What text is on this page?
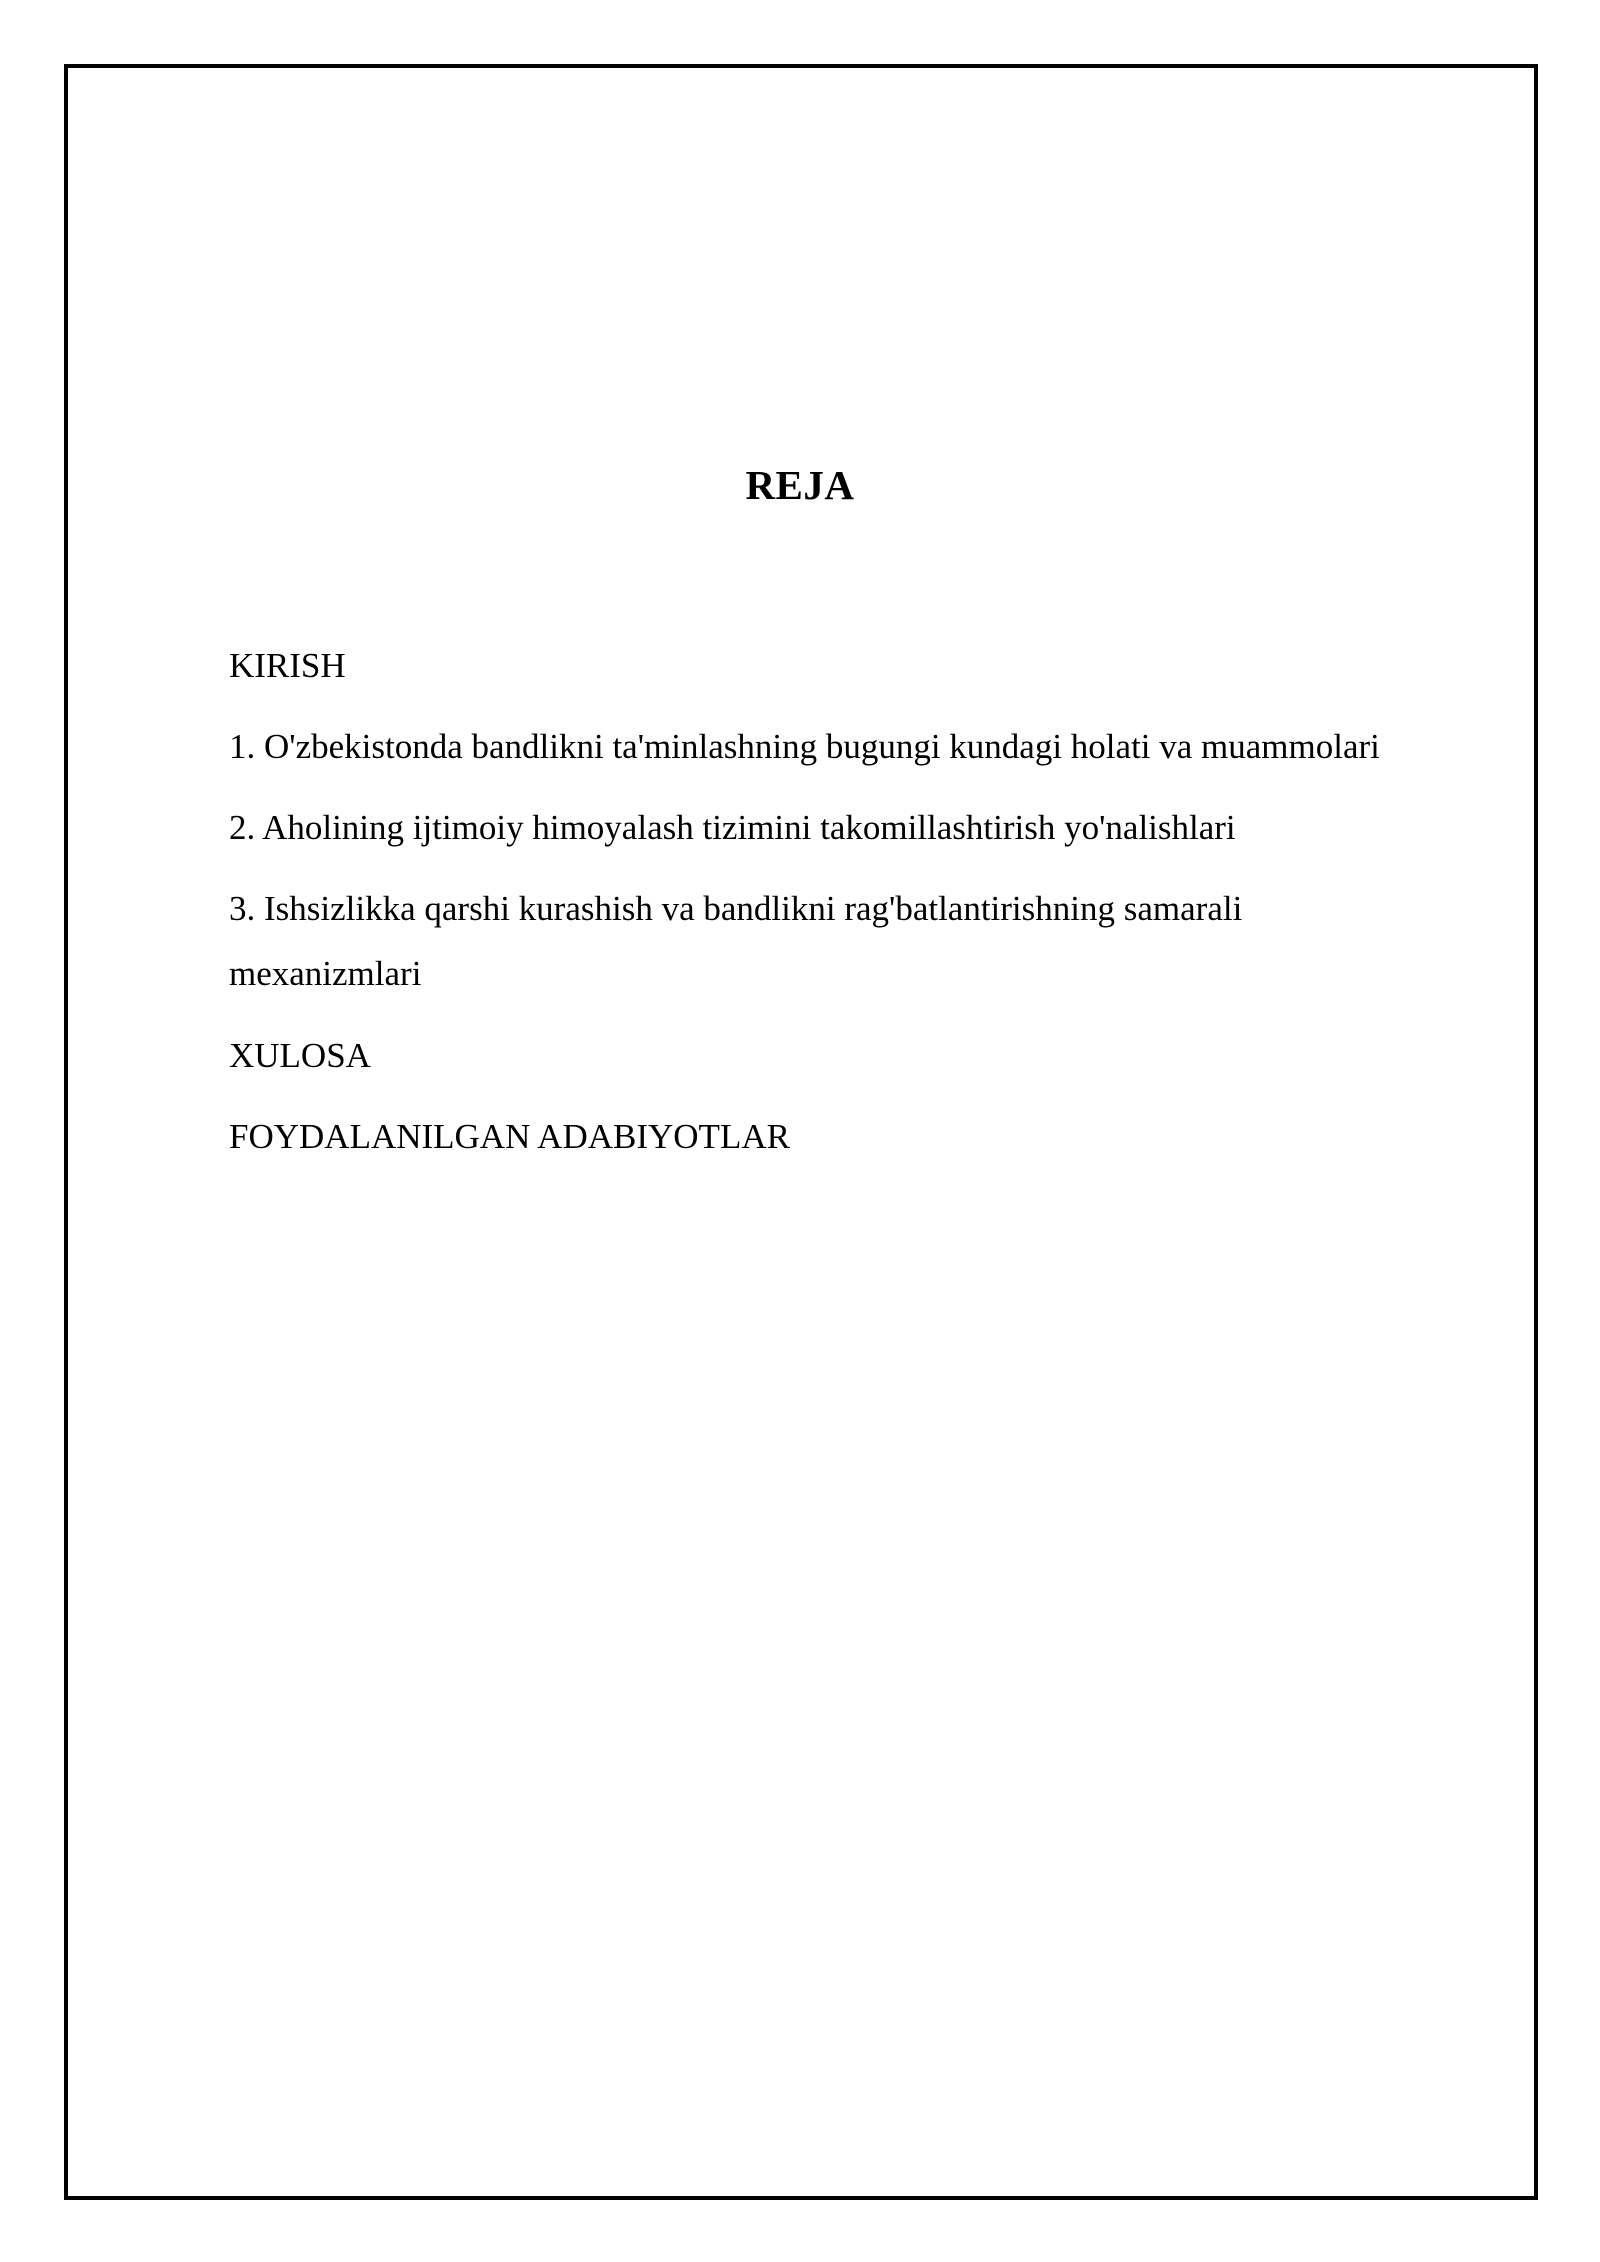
REJA
KIRISH
1. O'zbekistonda bandlikni ta'minlashning bugungi kundagi holati va muammolari
2. Aholining ijtimoiy himoyalash tizimini takomillashtirish yo'nalishlari
3. Ishsizlikka qarshi kurashish va bandlikni rag'batlantirishning samarali mexanizmlari
XULOSA
FOYDALANILGAN ADABIYOTLAR
